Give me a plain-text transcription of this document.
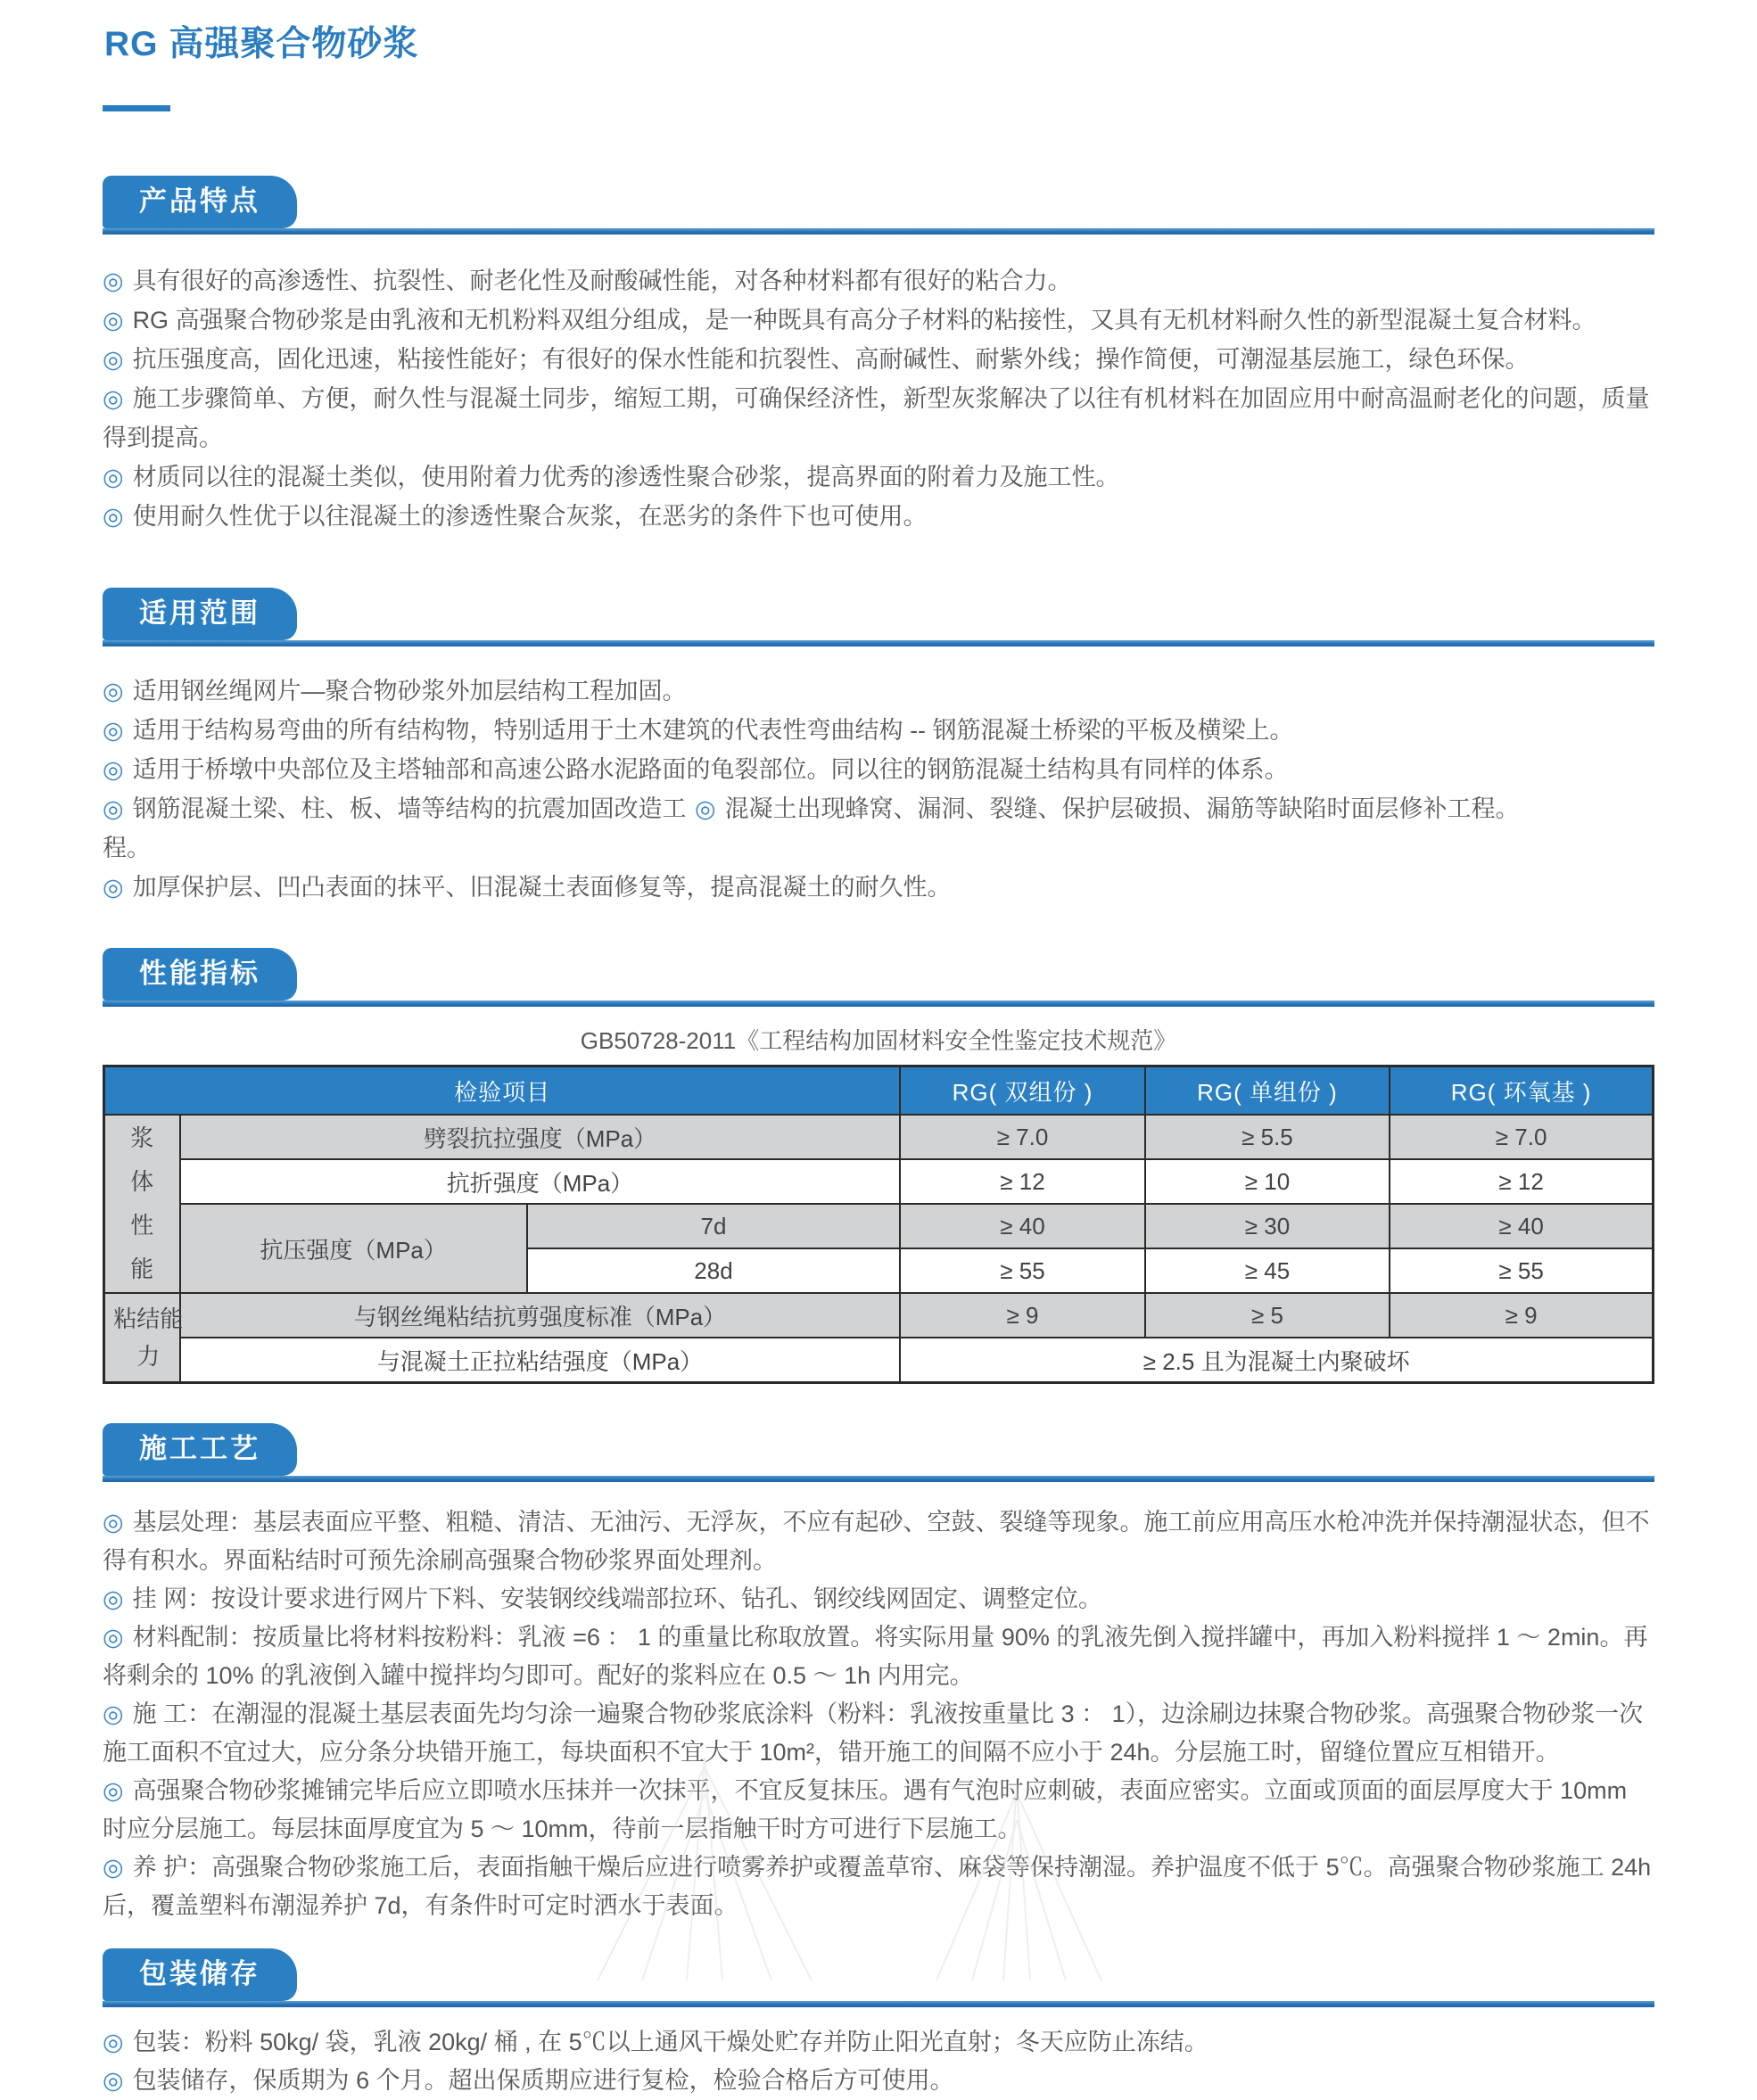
RG 高强聚合物砂浆
产品特点

◎ 具有很好的高渗透性、抗裂性、耐老化性及耐酸碱性能，对各种材料都有很好的粘合力。

◎ RG 高强聚合物砂浆是由乳液和无机粉料双组分组成，是一种既具有高分子材料的粘接性，又具有无机材料耐久性的新型混凝土复合材料。

◎ 抗压强度高，固化迅速，粘接性能好；有很好的保水性能和抗裂性、高耐碱性、耐紫外线；操作简便，可潮湿基层施工，绿色环保。

◎ 施工步骤简单、方便，耐久性与混凝土同步，缩短工期，可确保经济性，新型灰浆解决了以往有机材料在加固应用中耐高温耐老化的问题，质量得到提高。

◎ 材质同以往的混凝土类似，使用附着力优秀的渗透性聚合砂浆，提高界面的附着力及施工性。

◎ 使用耐久性优于以往混凝土的渗透性聚合灰浆，在恶劣的条件下也可使用。

适用范围

◎ 适用钢丝绳网片—聚合物砂浆外加层结构工程加固。

◎ 适用于结构易弯曲的所有结构物，特别适用于土木建筑的代表性弯曲结构 -- 钢筋混凝土桥梁的平板及横梁上。

◎ 适用于桥墩中央部位及主塔轴部和高速公路水泥路面的龟裂部位。同以往的钢筋混凝土结构具有同样的体系。

◎ 钢筋混凝土梁、柱、板、墙等结构的抗震加固改造工程。
◎ 混凝土出现蜂窝、漏洞、裂缝、保护层破损、漏筋等缺陷时面层修补工程。

◎ 加厚保护层、凹凸表面的抹平、旧混凝土表面修复等，提高混凝土的耐久性。

性能指标
GB50728-2011《工程结构加固材料安全性鉴定技术规范》
检验项目			RG( 双组份 )	RG( 单组份 )	RG( 环氧基 )
浆体性能	劈裂抗拉强度（MPa）		≥ 7.0	≥ 5.5	≥ 7.0
	抗折强度（MPa）		≥ 12	≥ 10	≥ 12
	抗压强度（MPa）	7d	≥ 40	≥ 30	≥ 40
		28d	≥ 55	≥ 45	≥ 55
粘结能力	与钢丝绳粘结抗剪强度标准（MPa）		≥ 9	≥ 5	≥ 9
	与混凝土正拉粘结强度（MPa）		≥ 2.5 且为混凝土内聚破坏		
施工工艺

◎ 基层处理：基层表面应平整、粗糙、清洁、无油污、无浮灰，不应有起砂、空鼓、裂缝等现象。施工前应用高压水枪冲洗并保持潮湿状态，但不得有积水。界面粘结时可预先涂刷高强聚合物砂浆界面处理剂。

◎ 挂 网：按设计要求进行网片下料、安装钢绞线端部拉环、钻孔、钢绞线网固定、调整定位。

◎ 材料配制：按质量比将材料按粉料：乳液 =6 ： 1 的重量比称取放置。将实际用量 90% 的乳液先倒入搅拌罐中，再加入粉料搅拌 1 ～ 2min。再将剩余的 10% 的乳液倒入罐中搅拌均匀即可。配好的浆料应在 0.5 ～ 1h 内用完。

◎ 施 工：在潮湿的混凝土基层表面先均匀涂一遍聚合物砂浆底涂料（粉料：乳液按重量比 3 ： 1），边涂刷边抹聚合物砂浆。高强聚合物砂浆一次施工面积不宜过大，应分条分块错开施工，每块面积不宜大于 10m²，错开施工的间隔不应小于 24h。分层施工时，留缝位置应互相错开。

◎ 高强聚合物砂浆摊铺完毕后应立即喷水压抹并一次抹平，不宜反复抹压。遇有气泡时应刺破，表面应密实。立面或顶面的面层厚度大于 10mm 时应分层施工。每层抹面厚度宜为 5 ～ 10mm，待前一层指触干时方可进行下层施工。

◎ 养 护：高强聚合物砂浆施工后，表面指触干燥后应进行喷雾养护或覆盖草帘、麻袋等保持潮湿。养护温度不低于 5℃。高强聚合物砂浆施工 24h 后，覆盖塑料布潮湿养护 7d，有条件时可定时洒水于表面。

包装储存

◎ 包装：粉料 50kg/ 袋，乳液 20kg/ 桶 , 在 5℃以上通风干燥处贮存并防止阳光直射；冬天应防止冻结。

◎ 包装储存，保质期为 6 个月。超出保质期应进行复检，检验合格后方可使用。
